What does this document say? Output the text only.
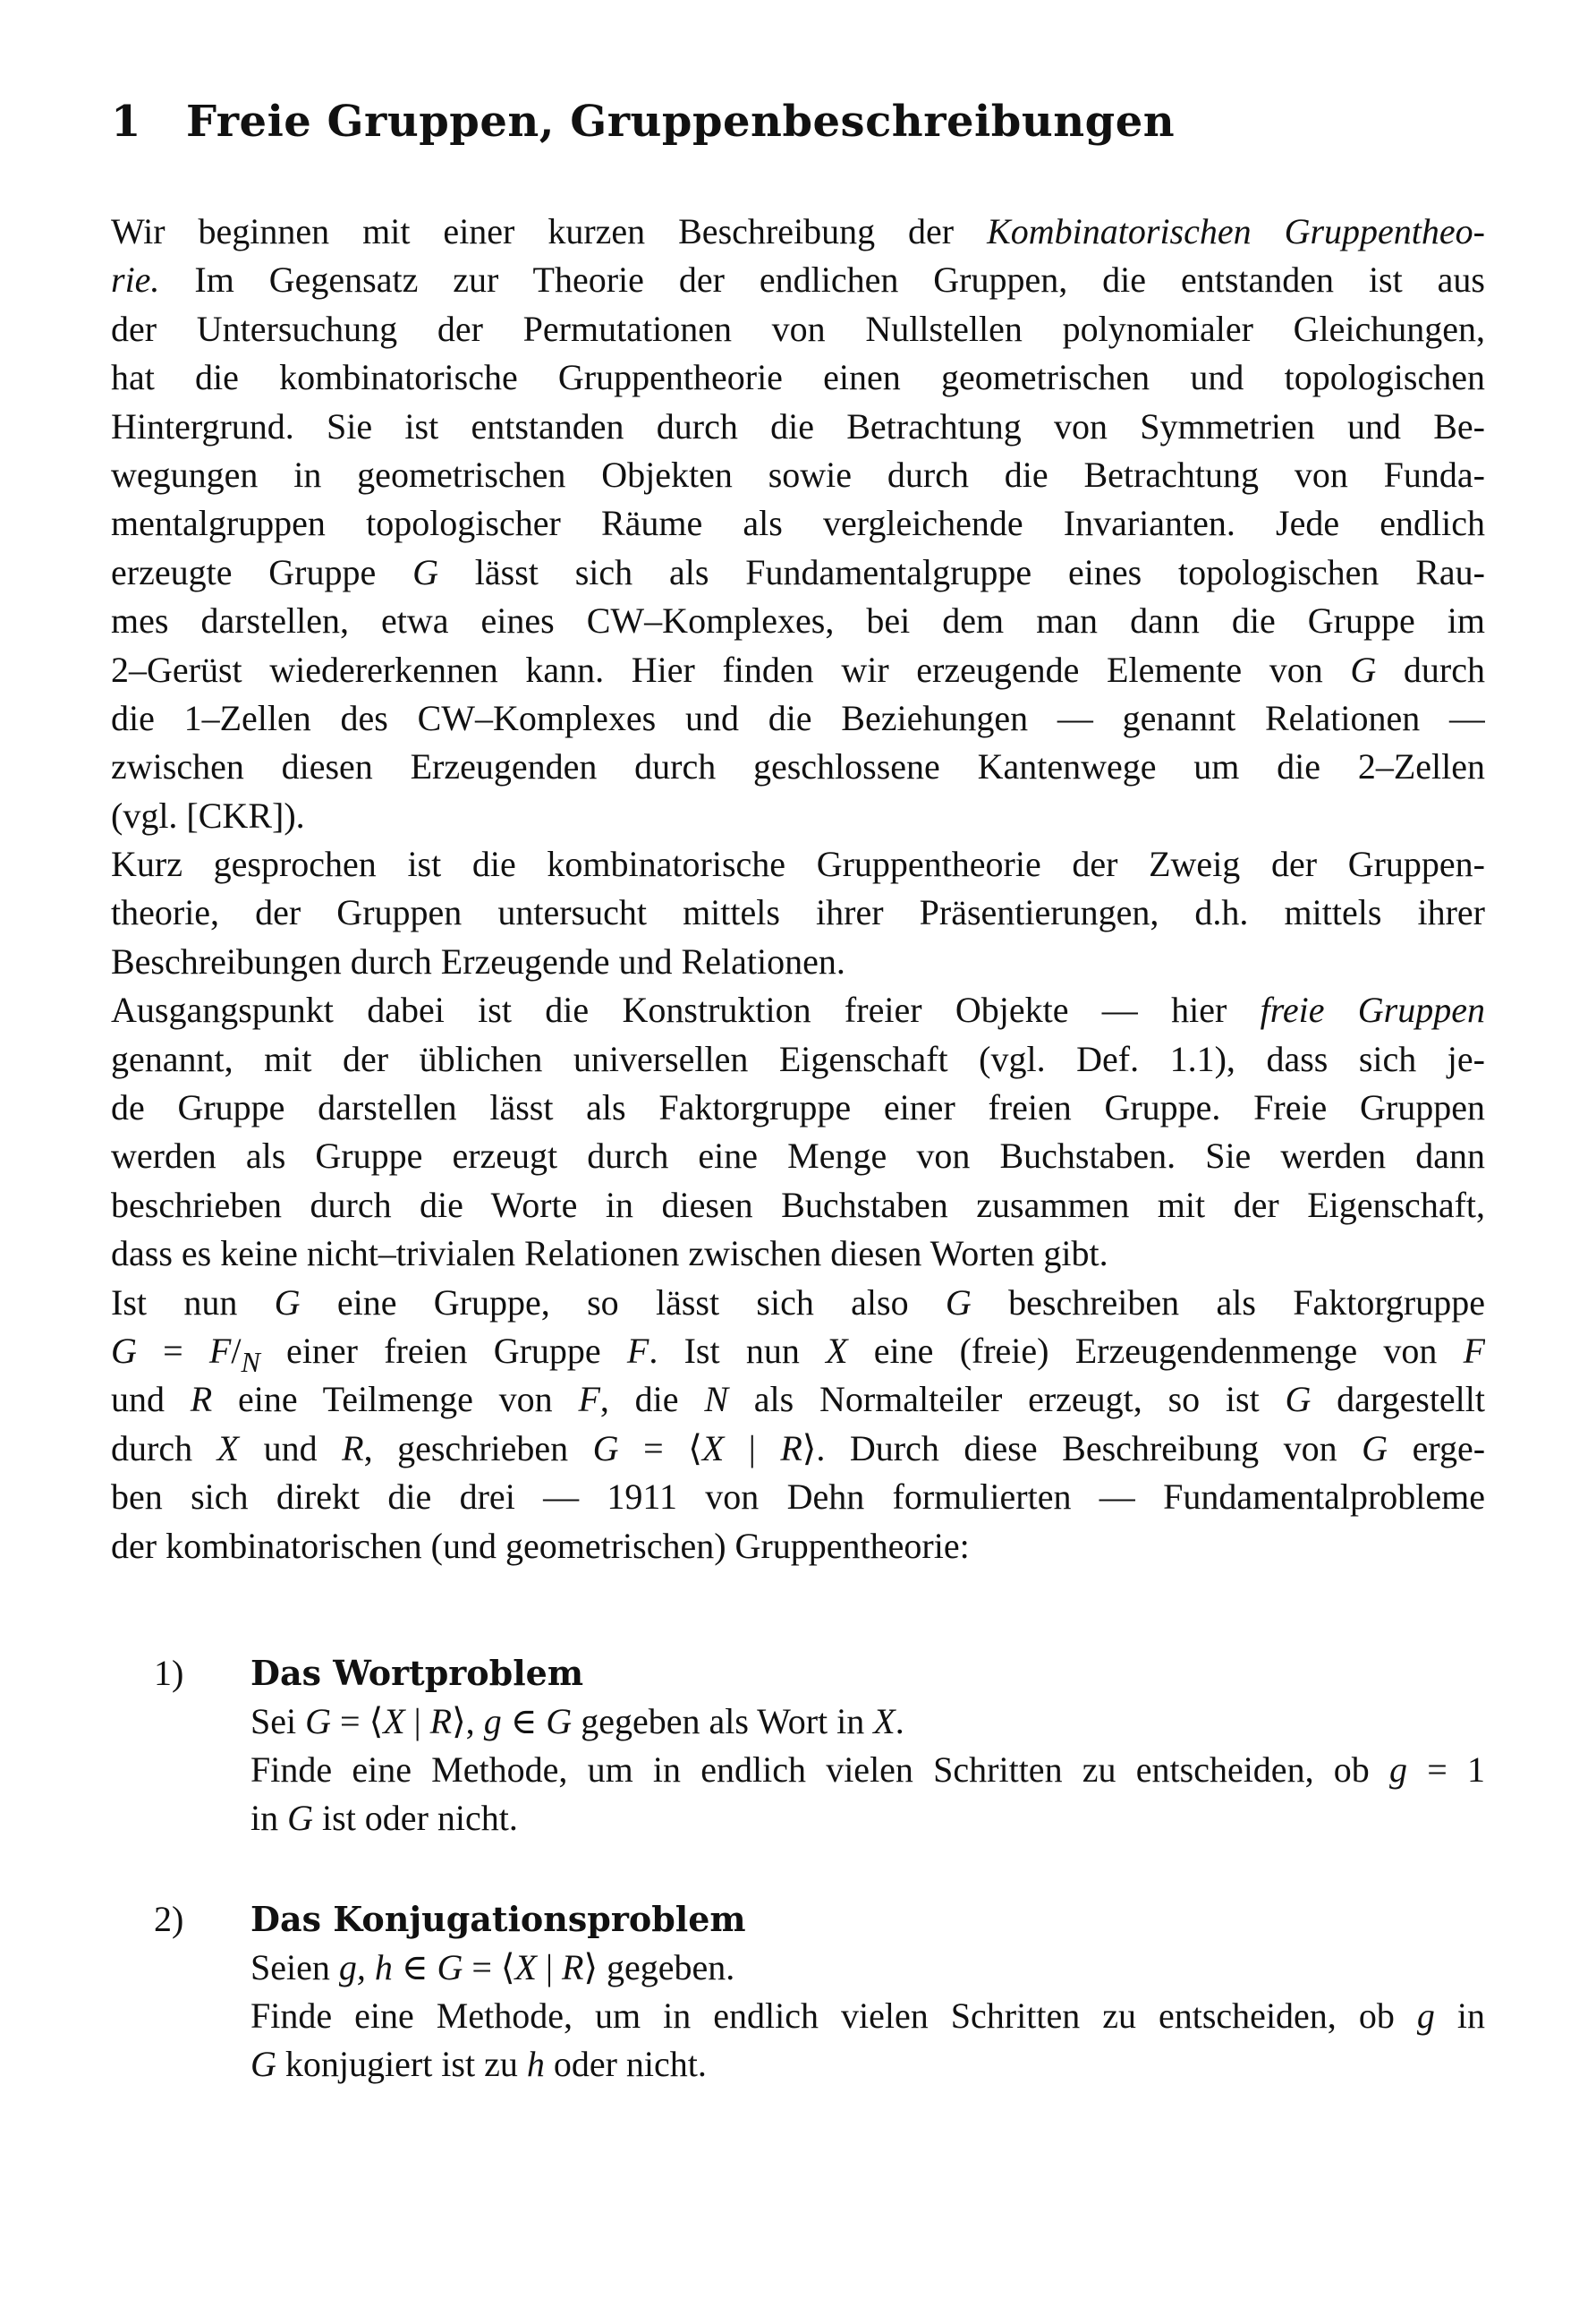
1 Freie Gruppen, Gruppenbeschreibungen
Wir beginnen mit einer kurzen Beschreibung der Kombinatorischen Gruppentheo-
rie. Im Gegensatz zur Theorie der endlichen Gruppen, die entstanden ist aus
der Untersuchung der Permutationen von Nullstellen polynomialer Gleichungen,
hat die kombinatorische Gruppentheorie einen geometrischen und topologischen
Hintergrund. Sie ist entstanden durch die Betrachtung von Symmetrien und Be-
wegungen in geometrischen Objekten sowie durch die Betrachtung von Funda-
mentalgruppen topologischer Räume als vergleichende Invarianten. Jede endlich
erzeugte Gruppe G lässt sich als Fundamentalgruppe eines topologischen Rau-
mes darstellen, etwa eines CW–Komplexes, bei dem man dann die Gruppe im
2–Gerüst wiedererkennen kann. Hier finden wir erzeugende Elemente von G durch
die 1–Zellen des CW–Komplexes und die Beziehungen — genannt Relationen —
zwischen diesen Erzeugenden durch geschlossene Kantenwege um die 2–Zellen
(vgl. [CKR]).
Kurz gesprochen ist die kombinatorische Gruppentheorie der Zweig der Gruppen-
theorie, der Gruppen untersucht mittels ihrer Präsentierungen, d.h. mittels ihrer
Beschreibungen durch Erzeugende und Relationen.
Ausgangspunkt dabei ist die Konstruktion freier Objekte — hier freie Gruppen
genannt, mit der üblichen universellen Eigenschaft (vgl. Def. 1.1), dass sich je-
de Gruppe darstellen lässt als Faktorgruppe einer freien Gruppe. Freie Gruppen
werden als Gruppe erzeugt durch eine Menge von Buchstaben. Sie werden dann
beschrieben durch die Worte in diesen Buchstaben zusammen mit der Eigenschaft,
dass es keine nicht–trivialen Relationen zwischen diesen Worten gibt.
Ist nun G eine Gruppe, so lässt sich also G beschreiben als Faktorgruppe
$G = F/_N$ einer freien Gruppe F. Ist nun X eine (freie) Erzeugendenmenge von F
und R eine Teilmenge von F, die N als Normalteiler erzeugt, so ist G dargestellt
durch X und R, geschrieben G = ⟨X | R⟩. Durch diese Beschreibung von G erge-
ben sich direkt die drei — 1911 von Dehn formulierten — Fundamentalprobleme
der kombinatorischen (und geometrischen) Gruppentheorie:
1) Das Wortproblem
Sei G = ⟨X | R⟩, g ∈ G gegeben als Wort in X.
Finde eine Methode, um in endlich vielen Schritten zu entscheiden, ob g = 1
in G ist oder nicht.
2) Das Konjugationsproblem
Seien g, h ∈ G = ⟨X | R⟩ gegeben.
Finde eine Methode, um in endlich vielen Schritten zu entscheiden, ob g in
G konjugiert ist zu h oder nicht.
